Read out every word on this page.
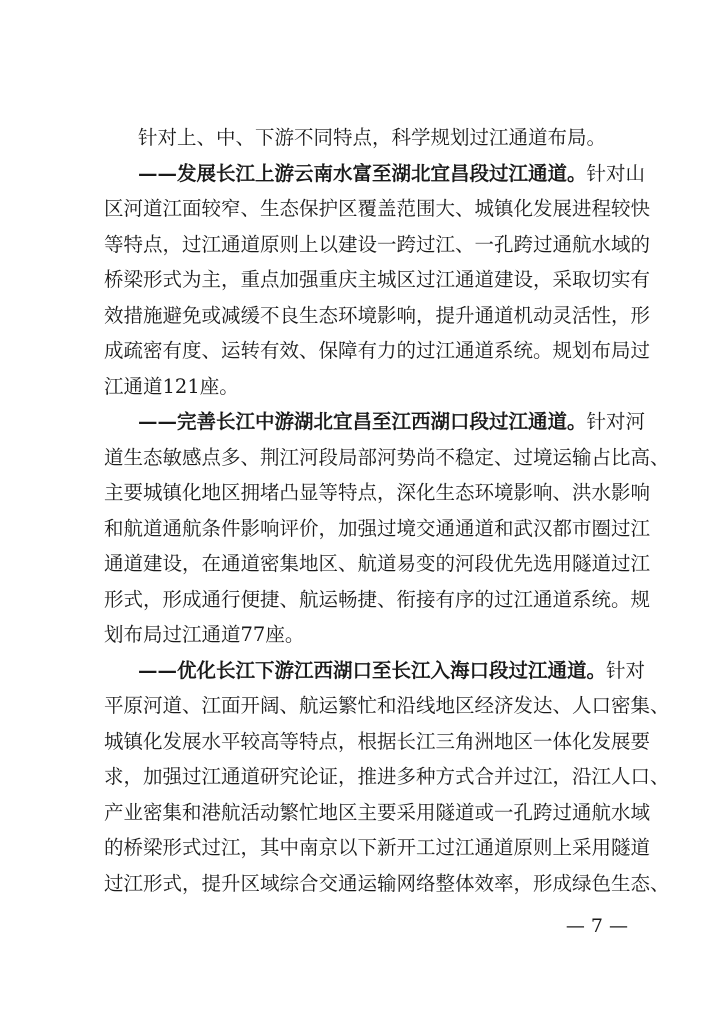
针对上、中、下游不同特点，科学规划过江通道布局。
——发展长江上游云南水富至湖北宜昌段过江通道。针对山
区河道江面较窄、生态保护区覆盖范围大、城镇化发展进程较快
等特点，过江通道原则上以建设一跨过江、一孔跨过通航水域的
桥梁形式为主，重点加强重庆主城区过江通道建设，采取切实有
效措施避免或减缓不良生态环境影响，提升通道机动灵活性，形
成疏密有度、运转有效、保障有力的过江通道系统。规划布局过
江通道121座。
——完善长江中游湖北宜昌至江西湖口段过江通道。针对河
道生态敏感点多、荆江河段局部河势尚不稳定、过境运输占比高、
主要城镇化地区拥堵凸显等特点，深化生态环境影响、洪水影响
和航道通航条件影响评价，加强过境交通通道和武汉都市圈过江
通道建设，在通道密集地区、航道易变的河段优先选用隧道过江
形式，形成通行便捷、航运畅捷、衔接有序的过江通道系统。规
划布局过江通道77座。
——优化长江下游江西湖口至长江入海口段过江通道。针对
平原河道、江面开阔、航运繁忙和沿线地区经济发达、人口密集、
城镇化发展水平较高等特点，根据长江三角洲地区一体化发展要
求，加强过江通道研究论证，推进多种方式合并过江，沿江人口、
产业密集和港航活动繁忙地区主要采用隧道或一孔跨过通航水域
的桥梁形式过江，其中南京以下新开工过江通道原则上采用隧道
过江形式，提升区域综合交通运输网络整体效率，形成绿色生态、
— 7 —
